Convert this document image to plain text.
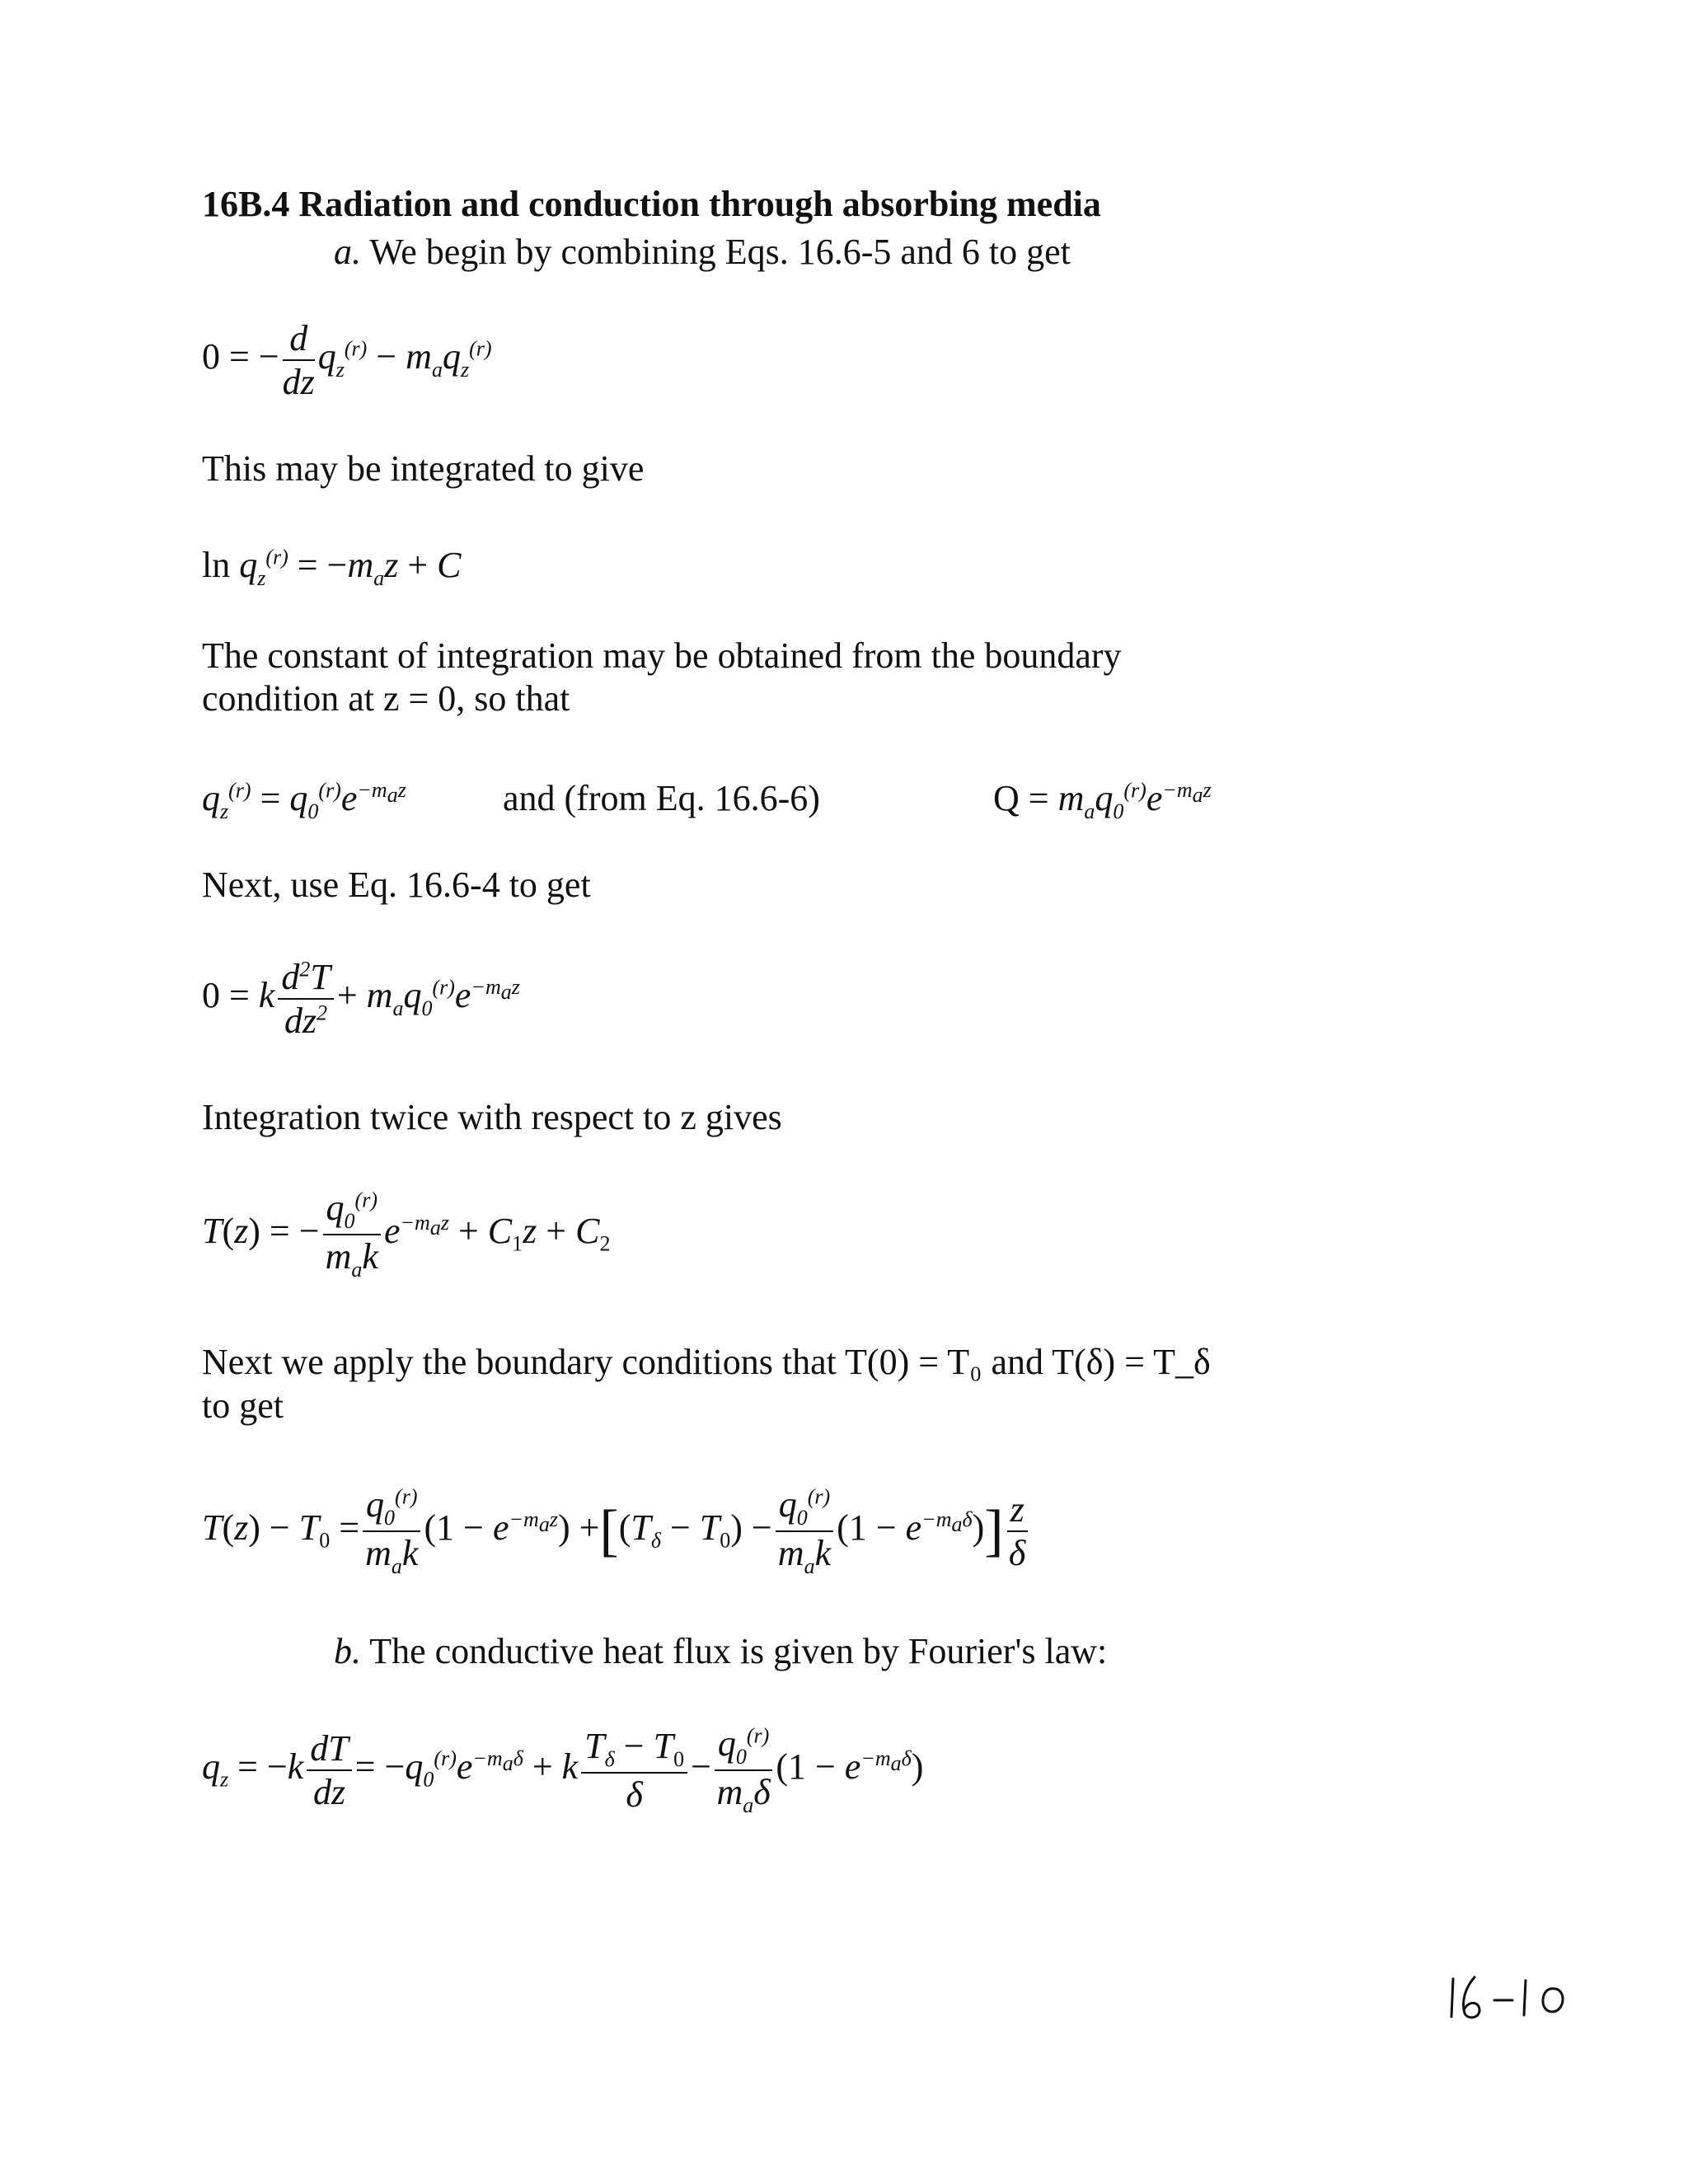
16B.4 Radiation and conduction through absorbing media
a. We begin by combining Eqs. 16.6-5 and 6 to get
0 = − $\frac{d}{dz} q_z^{(r)} - m_aq_z^{(r)}$
This may be integrated to give
$\ln q_z^{(r)} = -m_az + C$
The constant of integration may be obtained from the boundary
condition at z = 0, so that
$q_z^{(r)} = q_0^{(r)}e^{-m_az}$	and (from Eq. 16.6-6)	$Q = m_aq_0^{(r)}e^{-m_az}$
Next, use Eq. 16.6-4 to get
0 = k $\frac{d^2T}{dz^2} + m_aq_0^{(r)}e^{-m_az}$
Integration twice with respect to z gives
T(z) = − $\frac{q_0^{(r)}}{m_ak} e^{-m_az} + C_1z + C_2$
Next we apply the boundary conditions that T(0) = T₀ and T(δ) = T_δ
to get
$T(z) - T_0 = \frac{q_0^{(r)}}{m_ak} (1 - e^{-m_az}) +[(T_\delta - T_0) - \frac{q_0^{(r)}}{m_ak} (1 - e^{-m_a\delta})] \frac{z}{\delta}$
b. The conductive heat flux is given by Fourier's law:
$q_z = -k \frac{dT}{dz} = -q_0^{(r)}e^{-m_a\delta} + k \frac{T_\delta - T_0}{\delta} - \frac{q_0^{(r)}}{m_a\delta} (1 - e^{-m_a\delta})$
